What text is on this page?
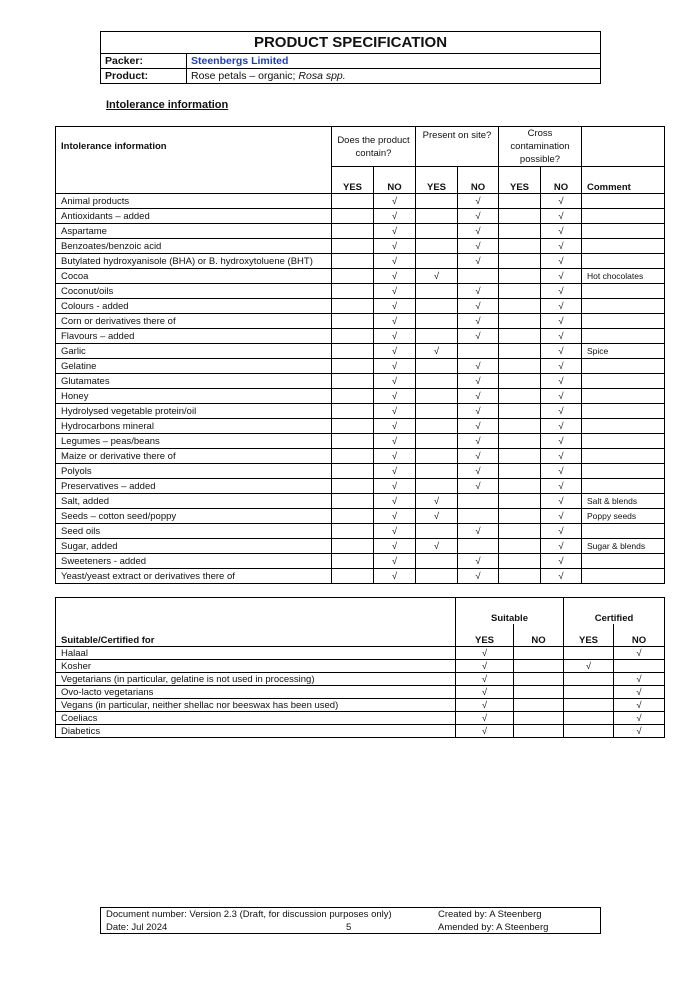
PRODUCT SPECIFICATION	
Packer:	Steenbergs Limited
Product:	Rose petals – organic; Rosa spp.
Intolerance information
Intolerance information	Does the product contain?		Present on site?		Cross contamination possible?		
	YES	NO	YES	NO	YES	NO	Comment
Animal products		√		√		√	
Antioxidants – added		√		√		√	
Aspartame		√		√		√	
Benzoates/benzoic acid		√		√		√	
Butylated hydroxyanisole (BHA) or B. hydroxytoluene (BHT)		√		√		√	
Cocoa		√	√			√	Hot chocolates
Coconut/oils		√		√		√	
Colours - added		√		√		√	
Corn or derivatives there of		√		√		√	
Flavours – added		√		√		√	
Garlic		√	√			√	Spice
Gelatine		√		√		√	
Glutamates		√		√		√	
Honey		√		√		√	
Hydrolysed vegetable protein/oil		√		√		√	
Hydrocarbons mineral		√		√		√	
Legumes – peas/beans		√		√		√	
Maize or derivative there of		√		√		√	
Polyols		√		√		√	
Preservatives – added		√		√		√	
Salt, added		√	√			√	Salt & blends
Seeds – cotton seed/poppy		√	√			√	Poppy seeds
Seed oils		√		√		√	
Sugar, added		√	√			√	Sugar & blends
Sweeteners - added		√		√		√	
Yeast/yeast extract or derivatives there of		√		√		√	
	Suitable		Certified	
Suitable/Certified for	YES	NO	YES	NO
Halaal	√			√
Kosher	√		√	
Vegetarians (in particular, gelatine is not used in processing)	√			√
Ovo-lacto vegetarians	√			√
Vegans (in particular, neither shellac nor beeswax has been used)	√			√
Coeliacs	√			√
Diabetics	√			√
Document number: Version 2.3 (Draft, for discussion purposes only)
Date: Jul 2024	5
Created by: A Steenberg
Amended by: A Steenberg
